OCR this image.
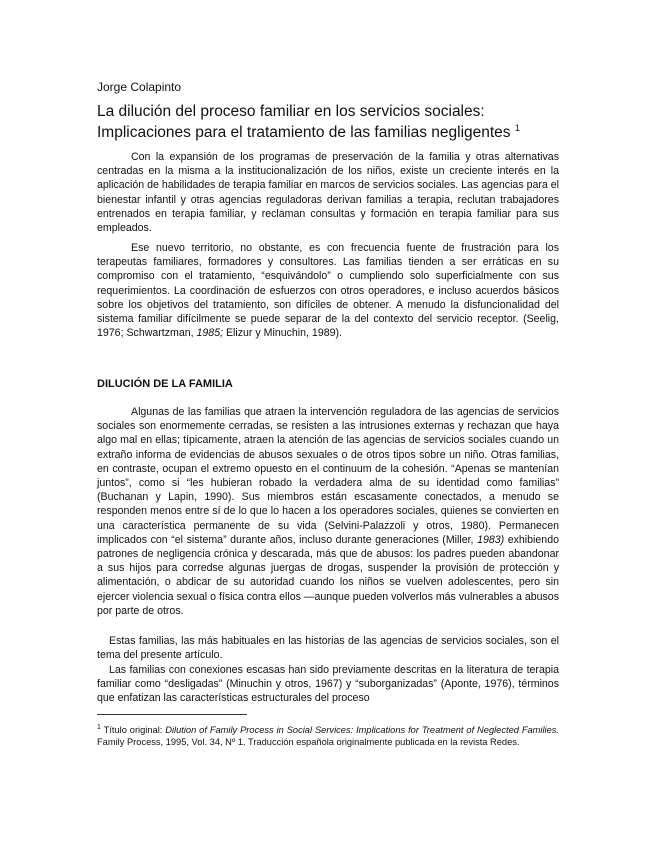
Jorge Colapinto
La dilución del proceso familiar en los servicios sociales:
Implicaciones para el tratamiento de las familias negligentes $^1$

Con la expansión de los programas de preservación de la familia y otras alternativas centradas en la misma a la institucionalización de los niños, existe un creciente interés en la aplicación de habilidades de terapia familiar en marcos de servicios sociales. Las agencias para el bienestar infantil y otras agencias reguladoras derivan familias a terapia, reclutan trabajadores entrenados en terapia familiar, y reclaman consultas y formación en terapia familiar para sus empleados.

Ese nuevo territorio, no obstante, es con frecuencia fuente de frustración para los terapeutas familiares, formadores y consultores. Las familias tienden a ser erráticas en su compromiso con el tratamiento, “esquivándolo” o cumpliendo solo superficialmente con sus requerimientos. La coordinación de esfuerzos con otros operadores, e incluso acuerdos básicos sobre los objetivos del tratamiento, son difíciles de obtener. A menudo la disfuncionalidad del sistema familiar difícilmente se puede separar de la del contexto del servicio receptor. (Seelig, 1976; Schwartzman, 1985; Elizur y Minuchin, 1989).

DILUCIÓN DE LA FAMILIA

Algunas de las familias que atraen la intervención reguladora de las agencias de servicios sociales son enormemente cerradas, se resisten a las intrusiones externas y rechazan que haya algo mal en ellas; típicamente, atraen la atención de las agencias de servicios sociales cuando un extraño informa de evidencias de abusos sexuales o de otros tipos sobre un niño. Otras familias, en contraste, ocupan el extremo opuesto en el continuum de la cohesión. “Apenas se mantenían juntos”, como si “les hubieran robado la verdadera alma de su identidad como familias” (Buchanan y Lapin, 1990). Sus miembros están escasamente conectados, a menudo se responden menos entre sí de lo que lo hacen a los operadores sociales, quienes se convierten en una característica permanente de su vida (Selvini-Palazzoli y otros, 1980). Permanecen implicados con “el sistema” durante años, incluso durante generaciones (Miller, 1983) exhibiendo patrones de negligencia crónica y descarada, más que de abusos: los padres pueden abandonar a sus hijos para corredse algunas juergas de drogas, suspender la provisión de protección y alimentación, o abdicar de su autoridad cuando los niños se vuelven adolescentes, pero sin ejercer violencia sexual o física contra ellos —aunque pueden volverlos más vulnerables a abusos por parte de otros.

Estas familias, las más habituales en las historias de las agencias de servicios sociales, son el tema del presente artículo.

Las familias con conexiones escasas han sido previamente descritas en la literatura de terapia familiar como “desligadas” (Minuchin y otros, 1967) y “suborganizadas” (Aponte, 1976), términos que enfatizan las características estructurales del proceso

$^1$ Título original: Dilution of Family Process in Social Services: Implications for Treatment of Neglected Families. Family Process, 1995, Vol. 34, Nº 1. Traducción española originalmente publicada en la revista Redes.
